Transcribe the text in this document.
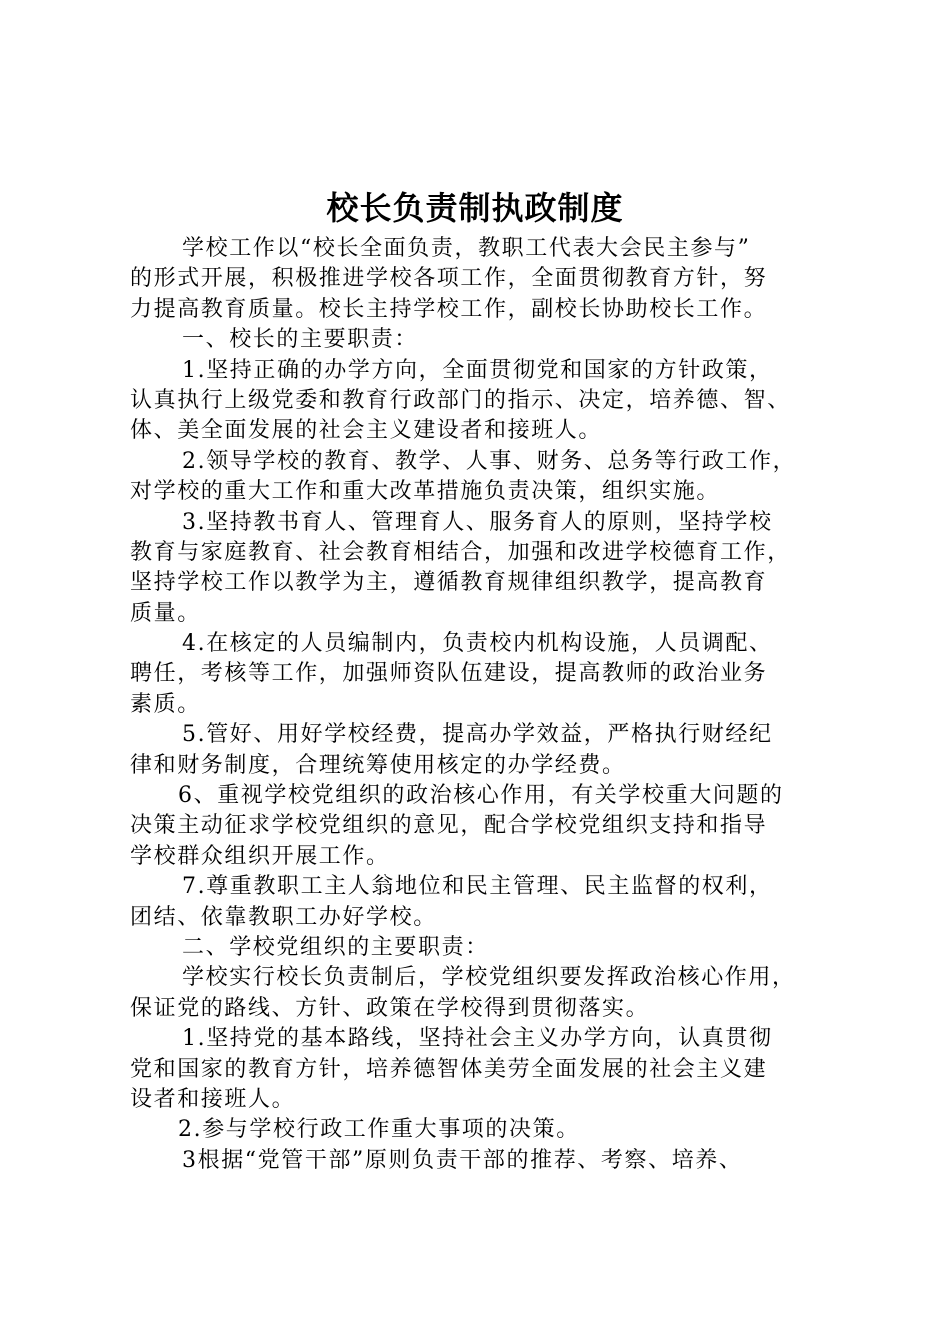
校长负责制执政制度
学校工作以“校长全面负责，教职工代表大会民主参与”
的形式开展，积极推进学校各项工作，全面贯彻教育方针，努
力提高教育质量。校长主持学校工作，副校长协助校长工作。
一、校长的主要职责：
1.坚持正确的办学方向，全面贯彻党和国家的方针政策，
认真执行上级党委和教育行政部门的指示、决定，培养德、智、
体、美全面发展的社会主义建设者和接班人。
2.领导学校的教育、教学、人事、财务、总务等行政工作，
对学校的重大工作和重大改革措施负责决策，组织实施。
3.坚持教书育人、管理育人、服务育人的原则，坚持学校
教育与家庭教育、社会教育相结合，加强和改进学校德育工作，
坚持学校工作以教学为主，遵循教育规律组织教学，提高教育
质量。
4.在核定的人员编制内，负责校内机构设施，人员调配、
聘任，考核等工作，加强师资队伍建设，提高教师的政治业务
素质。
5.管好、用好学校经费，提高办学效益，严格执行财经纪
律和财务制度，合理统筹使用核定的办学经费。
6、重视学校党组织的政治核心作用，有关学校重大问题的
决策主动征求学校党组织的意见，配合学校党组织支持和指导
学校群众组织开展工作。
7.尊重教职工主人翁地位和民主管理、民主监督的权利，
团结、依靠教职工办好学校。
二、学校党组织的主要职责：
学校实行校长负责制后，学校党组织要发挥政治核心作用，
保证党的路线、方针、政策在学校得到贯彻落实。
1.坚持党的基本路线，坚持社会主义办学方向，认真贯彻
党和国家的教育方针，培养德智体美劳全面发展的社会主义建
设者和接班人。
2.参与学校行政工作重大事项的决策。
3根据“党管干部”原则负责干部的推荐、考察、培养、
